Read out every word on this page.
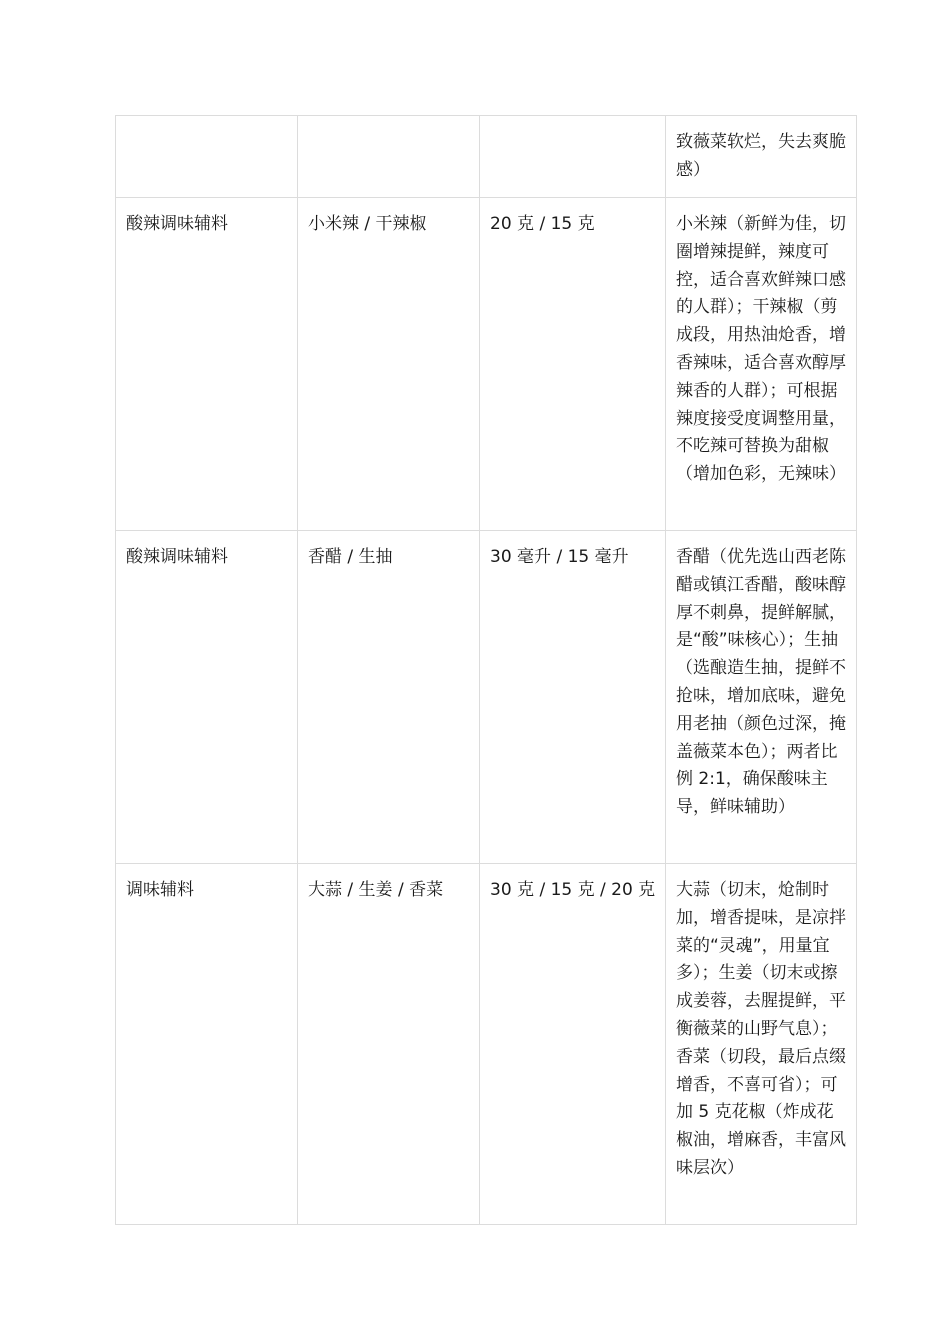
			致薇菜软烂，失去爽脆感）
酸辣调味辅料	小米辣 / 干辣椒	20 克 / 15 克	小米辣（新鲜为佳，切圈增辣提鲜，辣度可控，适合喜欢鲜辣口感的人群）；干辣椒（剪成段，用热油炝香，增香辣味，适合喜欢醇厚辣香的人群）；可根据辣度接受度调整用量，不吃辣可替换为甜椒（增加色彩，无辣味）
酸辣调味辅料	香醋 / 生抽	30 毫升 / 15 毫升	香醋（优先选山西老陈醋或镇江香醋，酸味醇厚不刺鼻，提鲜解腻，是“酸”味核心）；生抽（选酿造生抽，提鲜不抢味，增加底味，避免用老抽（颜色过深，掩盖薇菜本色）；两者比例 2:1，确保酸味主导，鲜味辅助）
调味辅料	大蒜 / 生姜 / 香菜	30 克 / 15 克 / 20 克	大蒜（切末，炝制时加，增香提味，是凉拌菜的“灵魂”，用量宜多）；生姜（切末或擦成姜蓉，去腥提鲜，平衡薇菜的山野气息）；香菜（切段，最后点缀增香，不喜可省）；可加 5 克花椒（炸成花椒油，增麻香，丰富风味层次）
